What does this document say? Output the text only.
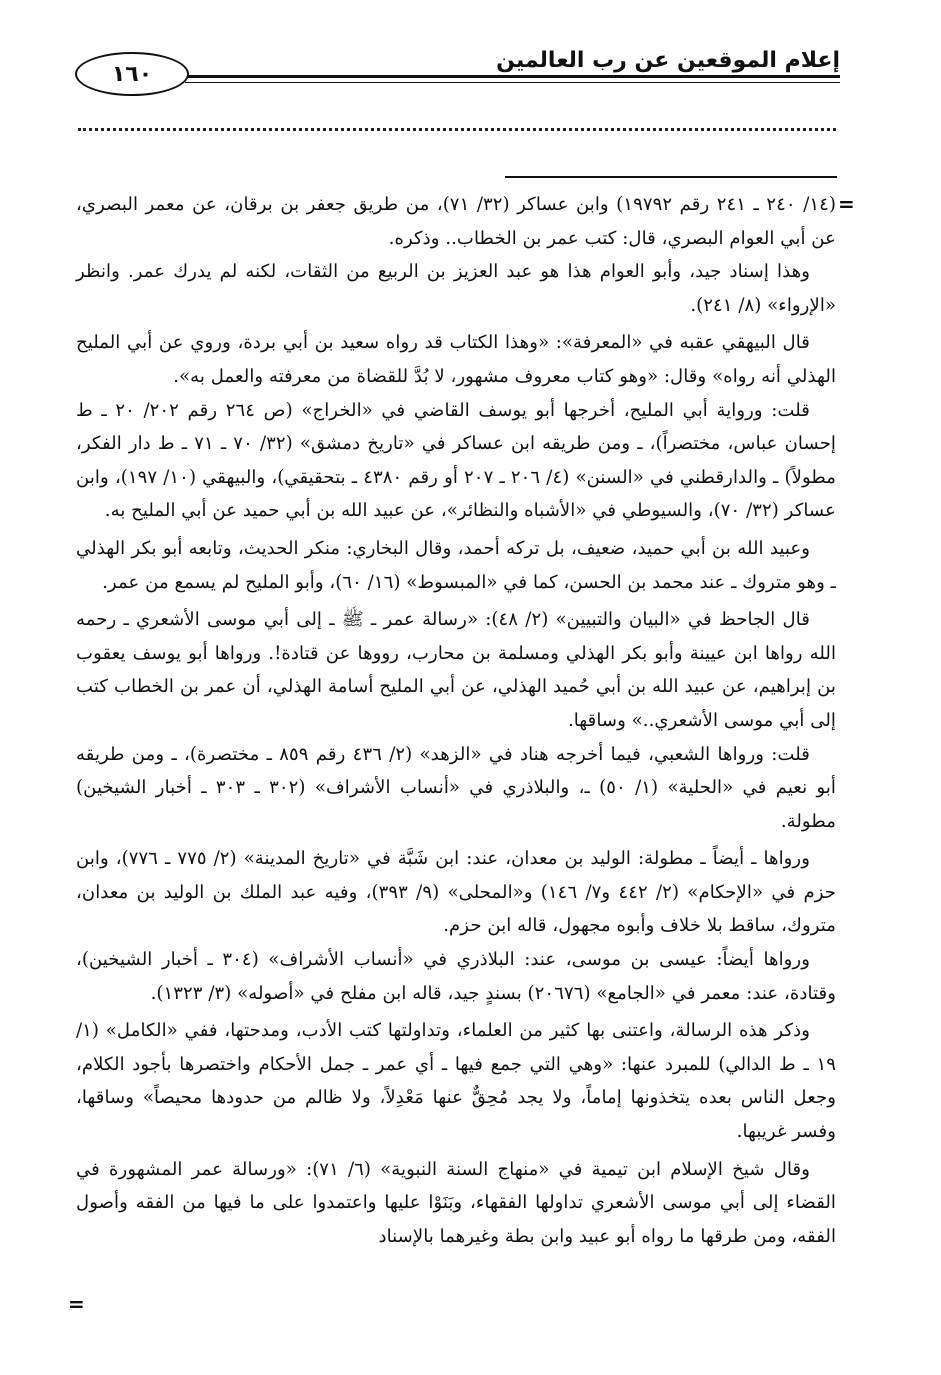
إعلام الموقعين عن رب العالمين
١٦٠
=

(١٤/ ٢٤٠ ـ ٢٤١ رقم ١٩٧٩٢) وابن عساكر (٣٢/ ٧١)، من طريق جعفر بن برقان، عن معمر البصري، عن أبي العوام البصري، قال: كتب عمر بن الخطاب.. وذكره.

وهذا إسناد جيد، وأبو العوام هذا هو عبد العزيز بن الربيع من الثقات، لكنه لم يدرك عمر. وانظر «الإرواء» (٨/ ٢٤١).

قال البيهقي عقبه في «المعرفة»: «وهذا الكتاب قد رواه سعيد بن أبي بردة، وروي عن أبي المليح الهذلي أنه رواه» وقال: «وهو كتاب معروف مشهور، لا بُدَّ للقضاة من معرفته والعمل به».

قلت: ورواية أبي المليح، أخرجها أبو يوسف القاضي في «الخراج» (ص ٢٦٤ رقم ٢٠٢/ ٢٠ ـ ط إحسان عباس، مختصراً)، ـ ومن طريقه ابن عساكر في «تاريخ دمشق» (٣٢/ ٧٠ ـ ٧١ ـ ط دار الفكر، مطولاً) ـ والدارقطني في «السنن» (٤/ ٢٠٦ ـ ٢٠٧ أو رقم ٤٣٨٠ ـ بتحقيقي)، والبيهقي (١٠/ ١٩٧)، وابن عساكر (٣٢/ ٧٠)، والسيوطي في «الأشباه والنظائر»، عن عبيد الله بن أبي حميد عن أبي المليح به.

وعبيد الله بن أبي حميد، ضعيف، بل تركه أحمد، وقال البخاري: منكر الحديث، وتابعه أبو بكر الهذلي ـ وهو متروك ـ عند محمد بن الحسن، كما في «المبسوط» (١٦/ ٦٠)، وأبو المليح لم يسمع من عمر.

قال الجاحظ في «البيان والتبيين» (٢/ ٤٨): «رسالة عمر ـ ﷺ ـ إلى أبي موسى الأشعري ـ رحمه الله رواها ابن عيينة وأبو بكر الهذلي ومسلمة بن محارب، رووها عن قتادة!. ورواها أبو يوسف يعقوب بن إبراهيم، عن عبيد الله بن أبي حُميد الهذلي، عن أبي المليح أسامة الهذلي، أن عمر بن الخطاب كتب إلى أبي موسى الأشعري..» وساقها.

قلت: ورواها الشعبي، فيما أخرجه هناد في «الزهد» (٢/ ٤٣٦ رقم ٨٥٩ ـ مختصرة)، ـ ومن طريقه أبو نعيم في «الحلية» (١/ ٥٠) ـ، والبلاذري في «أنساب الأشراف» (٣٠٢ ـ ٣٠٣ ـ أخبار الشيخين) مطولة.

ورواها ـ أيضاً ـ مطولة: الوليد بن معدان، عند: ابن شَبَّة في «تاريخ المدينة» (٢/ ٧٧٥ ـ ٧٧٦)، وابن حزم في «الإحكام» (٢/ ٤٤٢ و٧/ ١٤٦) و«المحلى» (٩/ ٣٩٣)، وفيه عبد الملك بن الوليد بن معدان، متروك، ساقط بلا خلاف وأبوه مجهول، قاله ابن حزم.

ورواها أيضاً: عيسى بن موسى، عند: البلاذري في «أنساب الأشراف» (٣٠٤ ـ أخبار الشيخين)، وقتادة، عند: معمر في «الجامع» (٢٠٦٧٦) بسندٍ جيد، قاله ابن مفلح في «أصوله» (٣/ ١٣٢٣).

وذكر هذه الرسالة، واعتنى بها كثير من العلماء، وتداولتها كتب الأدب، ومدحتها، ففي «الكامل» (١/ ١٩ ـ ط الدالي) للمبرد عنها: «وهي التي جمع فيها ـ أي عمر ـ جمل الأحكام واختصرها بأجود الكلام، وجعل الناس بعده يتخذونها إماماً، ولا يجد مُحِقٌّ عنها مَعْدِلاً، ولا ظالم من حدودها محيصاً» وساقها، وفسر غريبها.

وقال شيخ الإسلام ابن تيمية في «منهاج السنة النبوية» (٦/ ٧١): «ورسالة عمر المشهورة في القضاء إلى أبي موسى الأشعري تداولها الفقهاء، وبَنَوْا عليها واعتمدوا على ما فيها من الفقه وأصول الفقه، ومن طرقها ما رواه أبو عبيد وابن بطة وغيرهما بالإسناد

=
